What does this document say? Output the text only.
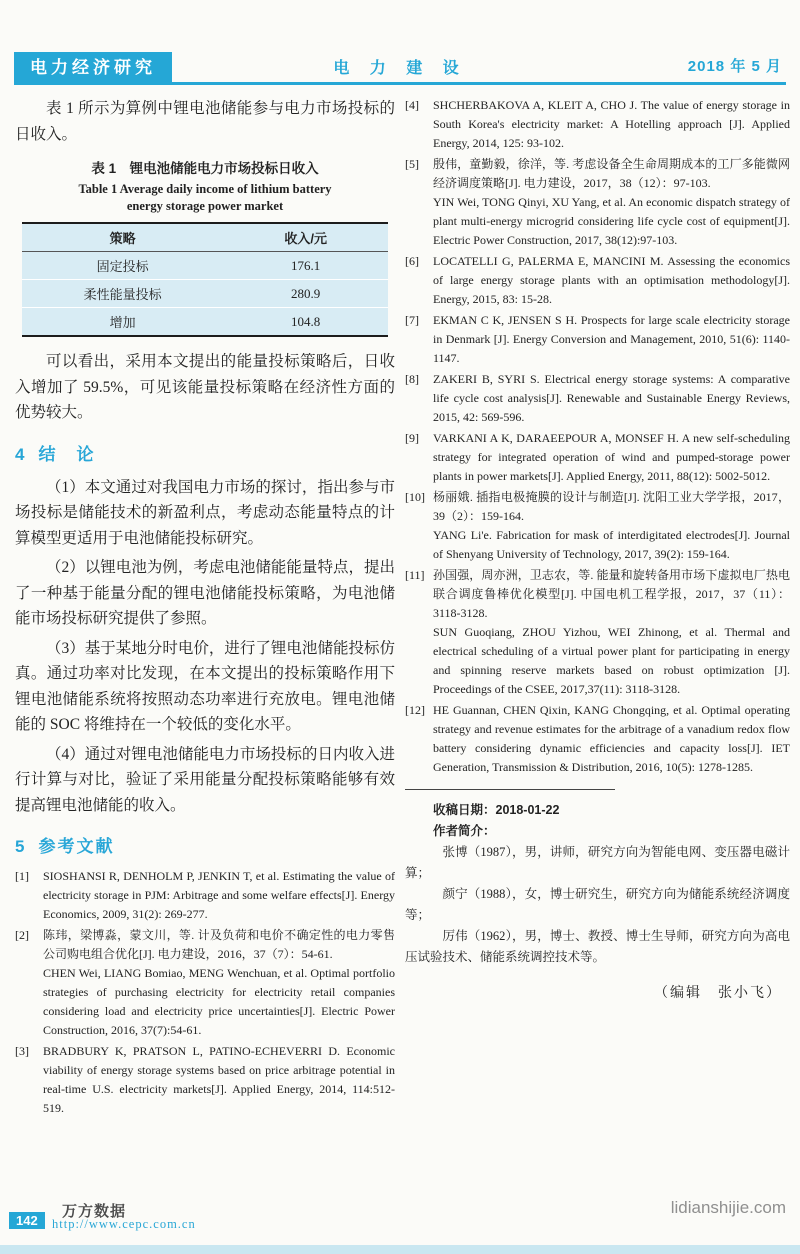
电力经济研究	电 力 建 设	2018 年 5 月

表 1 所示为算例中锂电池储能参与电力市场投标的日收入。

表 1　锂电池储能电力市场投标日收入
Table 1 Average daily income of lithium battery
energy storage power market
策略	收入/元
固定投标	176.1
柔性能量投标	280.9
增加	104.8

可以看出，采用本文提出的能量投标策略后，日收入增加了 59.5%，可见该能量投标策略在经济性方面的优势较大。

4 结　论

（1）本文通过对我国电力市场的探讨，指出参与市场投标是储能技术的新盈利点，考虑动态能量特点的计算模型更适用于电池储能投标研究。

（2）以锂电池为例，考虑电池储能能量特点，提出了一种基于能量分配的锂电池储能投标策略，为电池储能市场投标研究提供了参照。

（3）基于某地分时电价，进行了锂电池储能投标仿真。通过功率对比发现，在本文提出的投标策略作用下锂电池储能系统将按照动态功率进行充放电。锂电池储能的 SOC 将维持在一个较低的变化水平。

（4）通过对锂电池储能电力市场投标的日内收入进行计算与对比，验证了采用能量分配投标策略能够有效提高锂电池储能的收入。

5 参考文献
[1]	SIOSHANSI R, DENHOLM P, JENKIN T, et al. Estimating the value of electricity storage in PJM: Arbitrage and some welfare effects[J]. Energy Economics, 2009, 31(2): 269-277.
[2]	陈玮，梁博淼，蒙文川，等. 计及负荷和电价不确定性的电力零售公司购电组合优化[J]. 电力建设，2016，37（7）：54-61.
CHEN Wei, LIANG Bomiao, MENG Wenchuan, et al. Optimal portfolio strategies of purchasing electricity for electricity retail companies considering load and electricity price uncertainties[J]. Electric Power Construction, 2016, 37(7):54-61.
[3]	BRADBURY K, PRATSON L, PATINO-ECHEVERRI D. Economic viability of energy storage systems based on price arbitrage potential in real-time U.S. electricity markets[J]. Applied Energy, 2014, 114:512-519.
[4]	SHCHERBAKOVA A, KLEIT A, CHO J. The value of energy storage in South Korea's electricity market: A Hotelling approach [J]. Applied Energy, 2014, 125: 93-102.
[5]	殷伟，童勤毅，徐洋，等. 考虑设备全生命周期成本的工厂多能微网经济调度策略[J]. 电力建设，2017，38（12）：97-103.
YIN Wei, TONG Qinyi, XU Yang, et al. An economic dispatch strategy of plant multi-energy microgrid considering life cycle cost of equipment[J]. Electric Power Construction, 2017, 38(12):97-103.
[6]	LOCATELLI G, PALERMA E, MANCINI M. Assessing the economics of large energy storage plants with an optimisation methodology[J]. Energy, 2015, 83: 15-28.
[7]	EKMAN C K, JENSEN S H. Prospects for large scale electricity storage in Denmark [J]. Energy Conversion and Management, 2010, 51(6): 1140-1147.
[8]	ZAKERI B, SYRI S. Electrical energy storage systems: A comparative life cycle cost analysis[J]. Renewable and Sustainable Energy Reviews, 2015, 42: 569-596.
[9]	VARKANI A K, DARAEEPOUR A, MONSEF H. A new self-scheduling strategy for integrated operation of wind and pumped-storage power plants in power markets[J]. Applied Energy, 2011, 88(12): 5002-5012.
[10] 杨丽娥. 插指电极掩膜的设计与制造[J]. 沈阳工业大学学报，2017，39（2）：159-164.
YANG Li'e. Fabrication for mask of interdigitated electrodes[J]. Journal of Shenyang University of Technology, 2017, 39(2): 159-164.
[11] 孙国强，周亦洲，卫志农，等. 能量和旋转备用市场下虚拟电厂热电联合调度鲁棒优化模型[J]. 中国电机工程学报，2017，37（11）：3118-3128.
SUN Guoqiang, ZHOU Yizhou, WEI Zhinong, et al. Thermal and electrical scheduling of a virtual power plant for participating in energy and spinning reserve markets based on robust optimization [J]. Proceedings of the CSEE, 2017,37(11): 3118-3128.
[12] HE Guannan, CHEN Qixin, KANG Chongqing, et al. Optimal operating strategy and revenue estimates for the arbitrage of a vanadium redox flow battery considering dynamic efficiencies and capacity loss[J]. IET Generation, Transmission & Distribution, 2016, 10(5): 1278-1285.
收稿日期：2018-01-22
作者简介：

张博（1987），男，讲师，研究方向为智能电网、变压器电磁计算；

颜宁（1988），女，博士研究生，研究方向为储能系统经济调度等；

厉伟（1962），男，博士、教授、博士生导师，研究方向为高电压试验技术、储能系统调控技术等。

（编辑　张小飞）
142
万方数据
http://www.cepc.com.cn
lidianshijie.com
